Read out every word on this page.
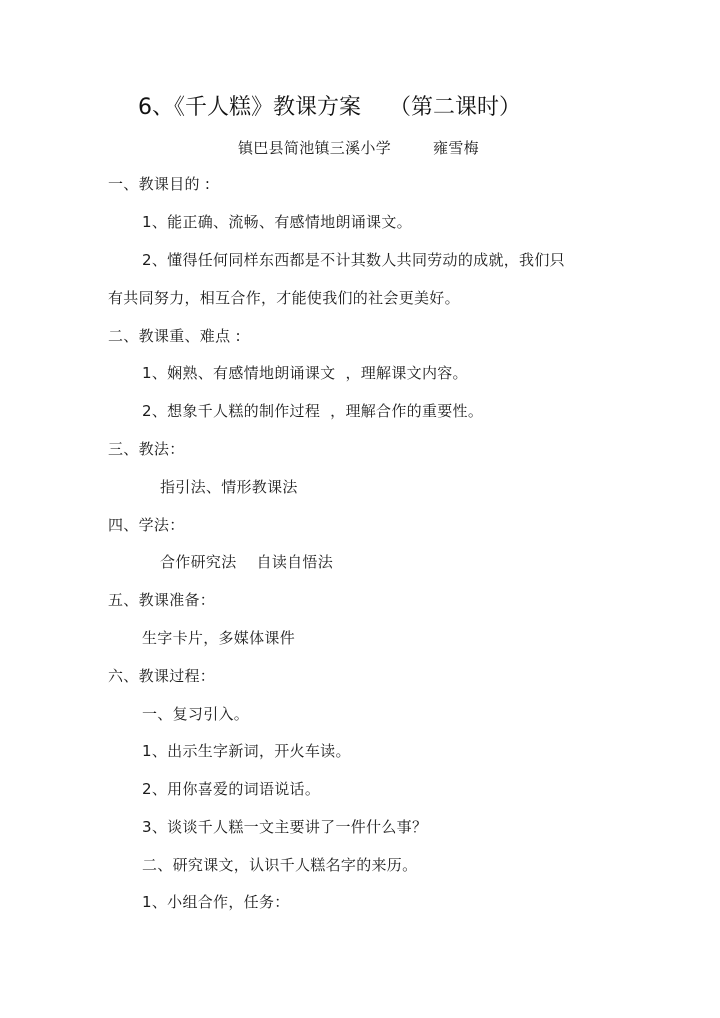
6、《千人糕》教课方案 （第二课时）
镇巴县简池镇三溪小学	雍雪梅
一、教课目的 :
1、能正确、流畅、有感情地朗诵课文。
2、懂得任何同样东西都是不计其数人共同劳动的成就，我们只
有共同努力，相互合作，才能使我们的社会更美好。
二、教课重、难点 :
1、娴熟、有感情地朗诵课文 ，理解课文内容。
2、想象千人糕的制作过程 ，理解合作的重要性。
三、教法：
指引法、情形教课法
四、学法：
合作研究法 自读自悟法
五、教课准备：
生字卡片，多媒体课件
六、教课过程：
一、复习引入。
1、出示生字新词，开火车读。
2、用你喜爱的词语说话。
3、谈谈千人糕一文主要讲了一件什么事？
二、研究课文，认识千人糕名字的来历。
1、小组合作，任务：
